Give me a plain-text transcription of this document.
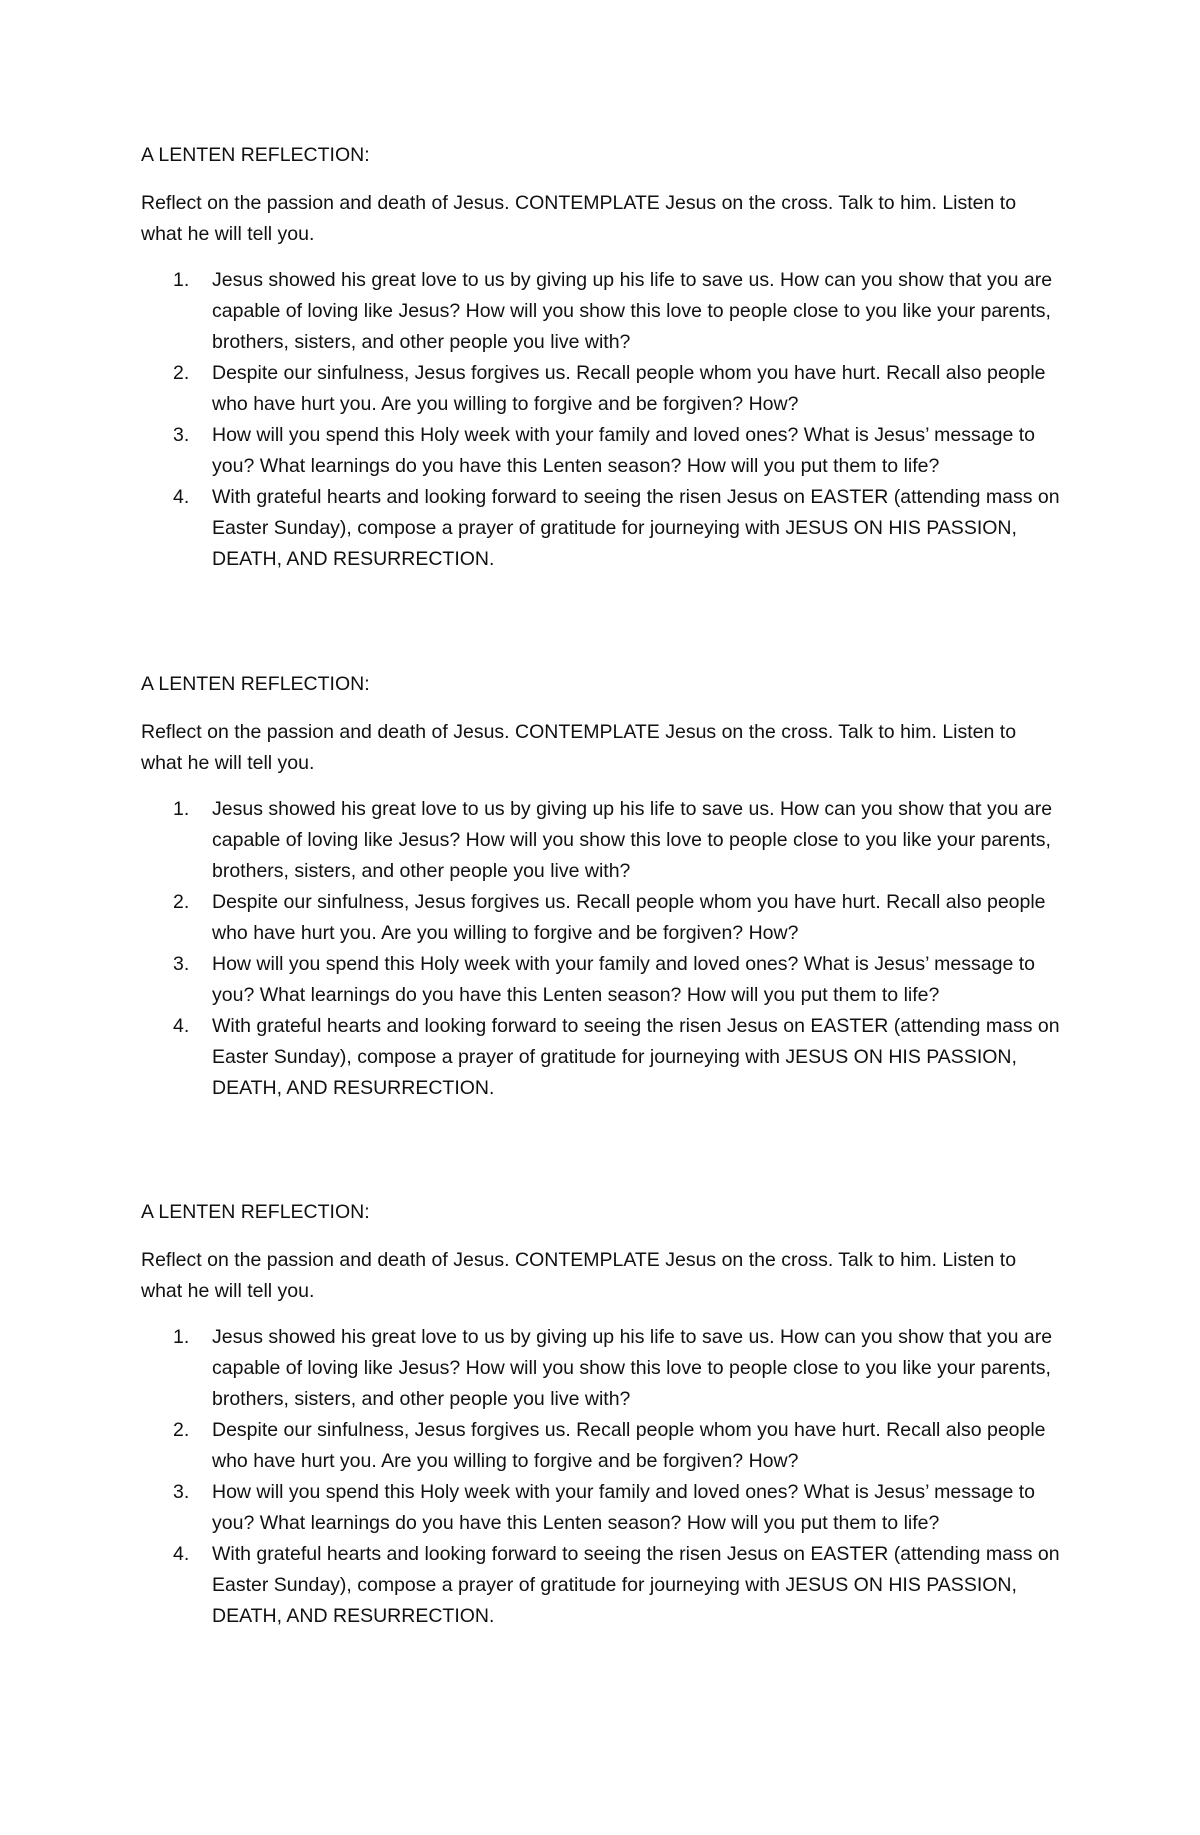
A LENTEN REFLECTION:

Reflect on the passion and death of Jesus. CONTEMPLATE Jesus on the cross. Talk to him. Listen to what he will tell you.

1. Jesus showed his great love to us by giving up his life to save us. How can you show that you are capable of loving like Jesus? How will you show this love to people close to you like your parents, brothers, sisters, and other people you live with?
2. Despite our sinfulness, Jesus forgives us. Recall people whom you have hurt. Recall also people who have hurt you. Are you willing to forgive and be forgiven? How?
3. How will you spend this Holy week with your family and loved ones? What is Jesus’ message to you? What learnings do you have this Lenten season? How will you put them to life?
4. With grateful hearts and looking forward to seeing the risen Jesus on EASTER (attending mass on Easter Sunday), compose a prayer of gratitude for journeying with JESUS ON HIS PASSION, DEATH, AND RESURRECTION.

A LENTEN REFLECTION:

Reflect on the passion and death of Jesus. CONTEMPLATE Jesus on the cross. Talk to him. Listen to what he will tell you.

1. Jesus showed his great love to us by giving up his life to save us. How can you show that you are capable of loving like Jesus? How will you show this love to people close to you like your parents, brothers, sisters, and other people you live with?
2. Despite our sinfulness, Jesus forgives us. Recall people whom you have hurt. Recall also people who have hurt you. Are you willing to forgive and be forgiven? How?
3. How will you spend this Holy week with your family and loved ones? What is Jesus’ message to you? What learnings do you have this Lenten season? How will you put them to life?
4. With grateful hearts and looking forward to seeing the risen Jesus on EASTER (attending mass on Easter Sunday), compose a prayer of gratitude for journeying with JESUS ON HIS PASSION, DEATH, AND RESURRECTION.

A LENTEN REFLECTION:

Reflect on the passion and death of Jesus. CONTEMPLATE Jesus on the cross. Talk to him. Listen to what he will tell you.

1. Jesus showed his great love to us by giving up his life to save us. How can you show that you are capable of loving like Jesus? How will you show this love to people close to you like your parents, brothers, sisters, and other people you live with?
2. Despite our sinfulness, Jesus forgives us. Recall people whom you have hurt. Recall also people who have hurt you. Are you willing to forgive and be forgiven? How?
3. How will you spend this Holy week with your family and loved ones? What is Jesus’ message to you? What learnings do you have this Lenten season? How will you put them to life?
4. With grateful hearts and looking forward to seeing the risen Jesus on EASTER (attending mass on Easter Sunday), compose a prayer of gratitude for journeying with JESUS ON HIS PASSION, DEATH, AND RESURRECTION.
